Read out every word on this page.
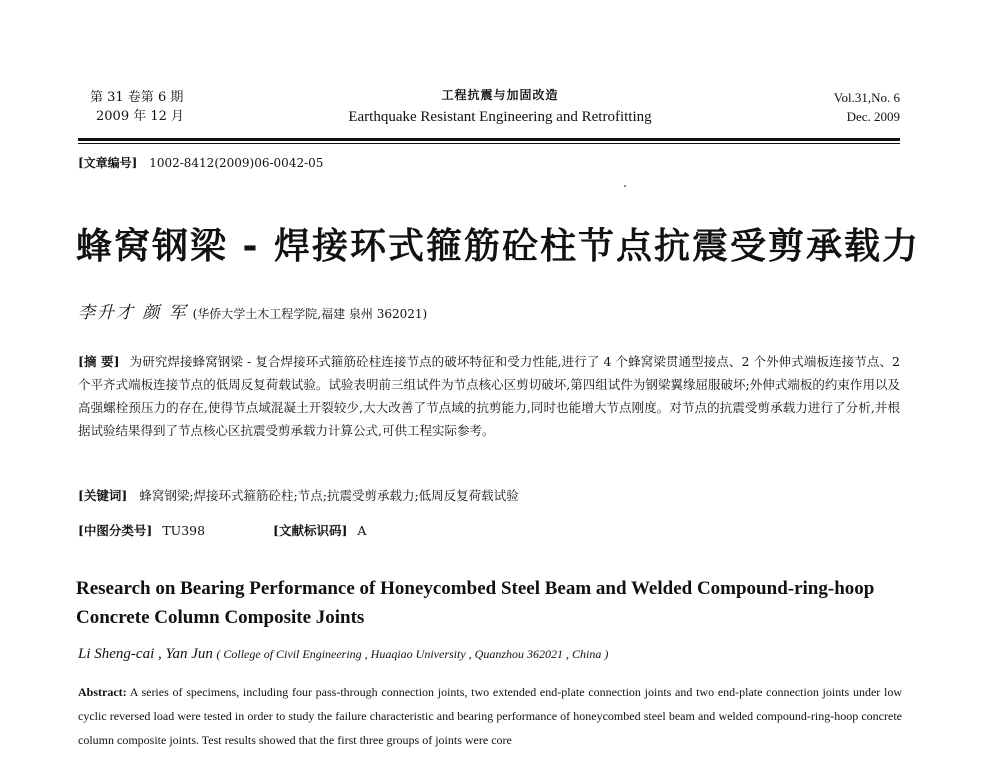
第 31 卷第 6 期
2009 年 12 月
工程抗震与加固改造
Earthquake Resistant Engineering and Retrofitting
Vol.31,No. 6
Dec. 2009
[文章编号] 1002-8412(2009)06-0042-05
蜂窝钢梁 - 焊接环式箍筋砼柱节点抗震受剪承载力
李升才 颜 军 (华侨大学土木工程学院,福建 泉州 362021)
[摘 要] 为研究焊接蜂窝钢梁 - 复合焊接环式箍筋砼柱连接节点的破坏特征和受力性能,进行了 4 个蜂窝梁贯通型接点、2 个外伸式端板连接节点、2 个平齐式端板连接节点的低周反复荷载试验。试验表明前三组试件为节点核心区剪切破坏,第四组试件为钢梁翼缘屈服破坏;外伸式端板的约束作用以及高强螺栓预压力的存在,使得节点域混凝土开裂较少,大大改善了节点域的抗剪能力,同时也能增大节点刚度。对节点的抗震受剪承载力进行了分析,并根据试验结果得到了节点核心区抗震受剪承载力计算公式,可供工程实际参考。
[关键词] 蜂窝钢梁;焊接环式箍筋砼柱;节点;抗震受剪承载力;低周反复荷载试验
[中图分类号] TU398	[文献标识码] A
Research on Bearing Performance of Honeycombed Steel Beam and Welded Compound-ring-hoop Concrete Column Composite Joints
Li Sheng-cai , Yan Jun ( College of Civil Engineering , Huaqiao University , Quanzhou 362021 , China )
Abstract: A series of specimens, including four pass-through connection joints, two extended end-plate connection joints and two end-plate connection joints under low cyclic reversed load were tested in order to study the failure characteristic and bearing performance of honeycombed steel beam and welded compound-ring-hoop concrete column composite joints. Test results showed that the first three groups of joints were core
